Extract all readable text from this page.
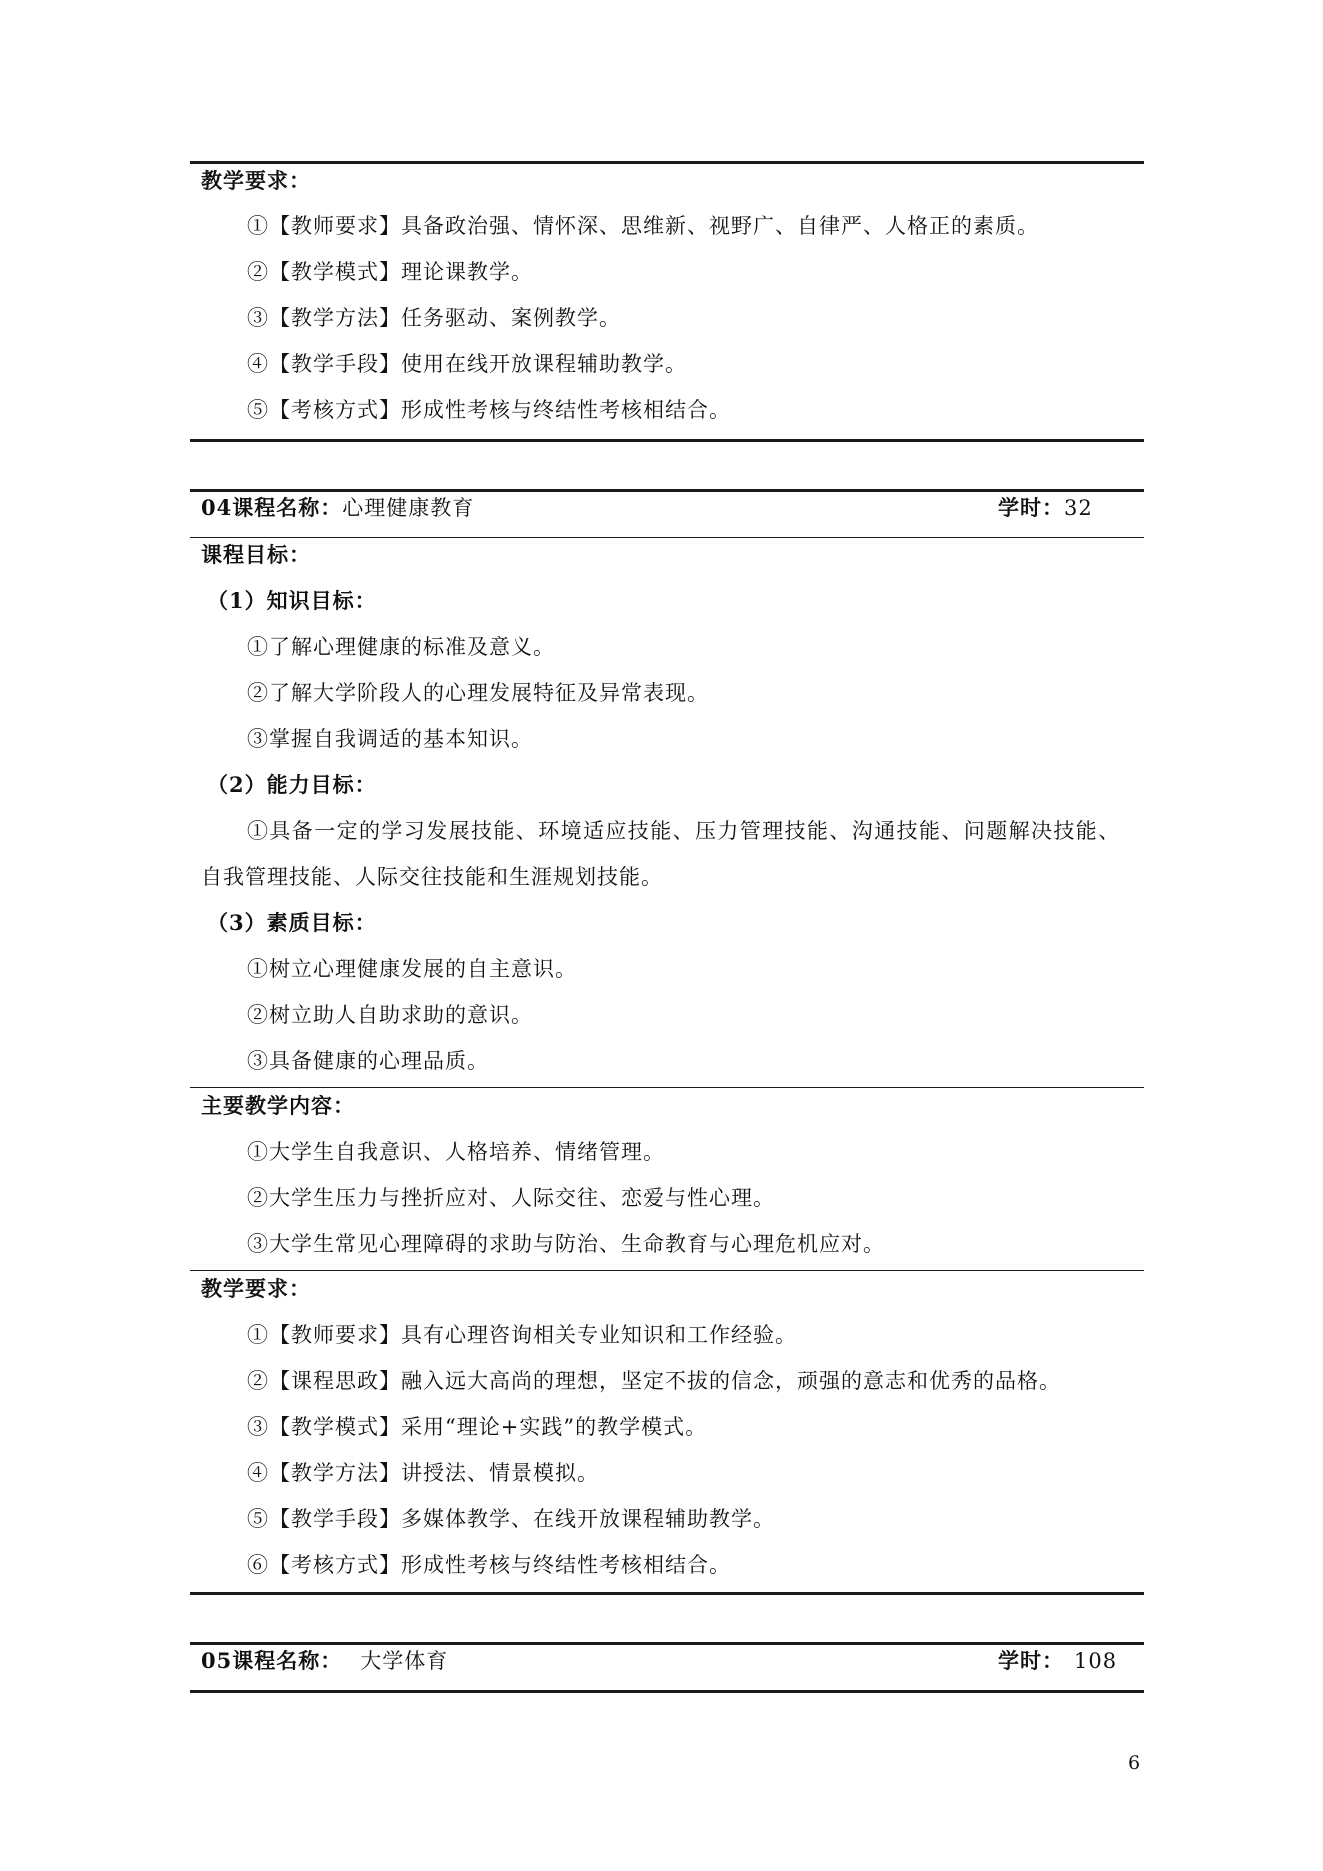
教学要求：
①【教师要求】具备政治强、情怀深、思维新、视野广、自律严、人格正的素质。
②【教学模式】理论课教学。
③【教学方法】任务驱动、案例教学。
④【教学手段】使用在线开放课程辅助教学。
⑤【考核方式】形成性考核与终结性考核相结合。
04课程名称：心理健康教育	学时：32
课程目标：
（1）知识目标：
①了解心理健康的标准及意义。
②了解大学阶段人的心理发展特征及异常表现。
③掌握自我调适的基本知识。
（2）能力目标：
①具备一定的学习发展技能、环境适应技能、压力管理技能、沟通技能、问题解决技能、
自我管理技能、人际交往技能和生涯规划技能。
（3）素质目标：
①树立心理健康发展的自主意识。
②树立助人自助求助的意识。
③具备健康的心理品质。
主要教学内容：
①大学生自我意识、人格培养、情绪管理。
②大学生压力与挫折应对、人际交往、恋爱与性心理。
③大学生常见心理障碍的求助与防治、生命教育与心理危机应对。
教学要求：
①【教师要求】具有心理咨询相关专业知识和工作经验。
②【课程思政】融入远大高尚的理想，坚定不拔的信念，顽强的意志和优秀的品格。
③【教学模式】采用“理论+实践”的教学模式。
④【教学方法】讲授法、情景模拟。
⑤【教学手段】多媒体教学、在线开放课程辅助教学。
⑥【考核方式】形成性考核与终结性考核相结合。
05课程名称： 大学体育	学时： 108
6
